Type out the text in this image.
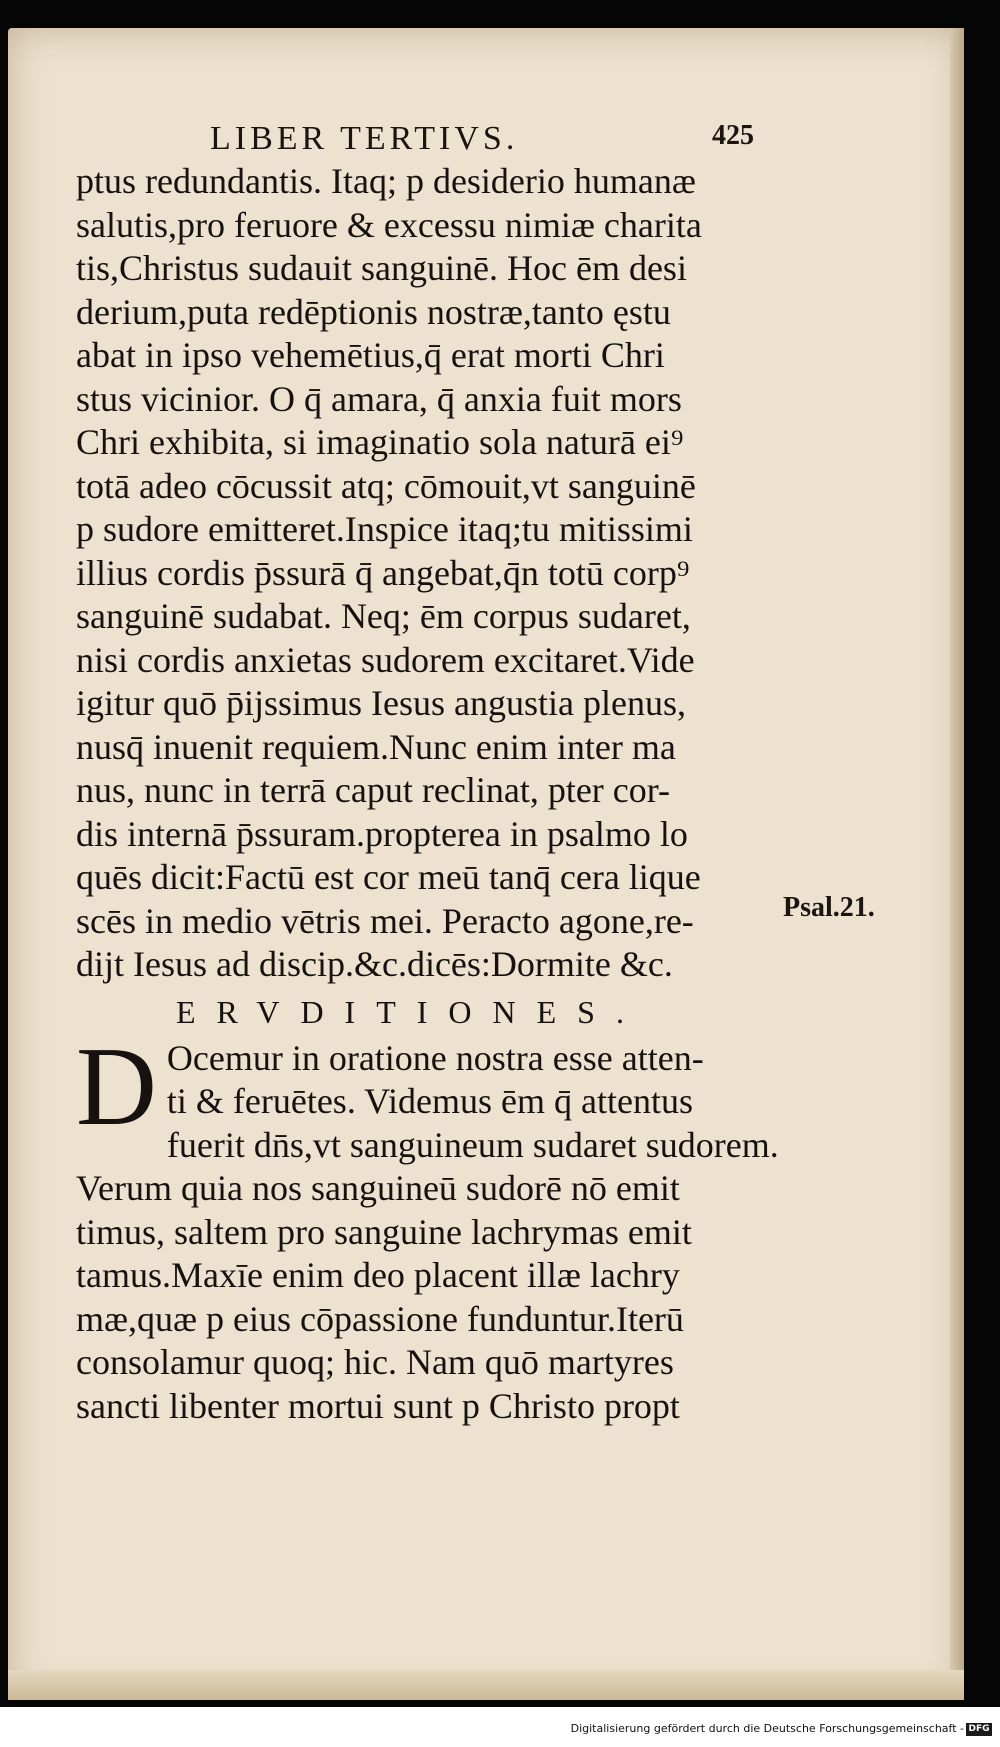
LIBER TERTIVS.	425
ptus redundantis. Itaq; p desiderio humanæ
salutis,pro feruore & excessu nimiæ charita
tis,Christus sudauit sanguinē. Hoc ēm desi
derium,puta redēptionis nostræ,tanto ęstu
abat in ipso vehemētius,q̄ erat morti Chri
stus vicinior. O q̄ amara, q̄ anxia fuit mors
Chri exhibita, si imaginatio sola naturā ei⁹
totā adeo cōcussit atq; cōmouit,vt sanguinē
p sudore emitteret.Inspice itaq;tu mitissimi
illius cordis p̄ssurā q̄ angebat,q̄n totū corp⁹
sanguinē sudabat. Neq; ēm corpus sudaret,
nisi cordis anxietas sudorem excitaret.Vide
igitur quō p̄ijssimus Iesus angustia plenus,
nusq̄ inuenit requiem.Nunc enim inter ma
nus, nunc in terrā caput reclinat, pter cor-
dis internā p̄ssuram.propterea in psalmo lo
quēs dicit:Factū est cor meū tanq̄ cera lique
scēs in medio vētris mei. Peracto agone,re-
dijt Iesus ad discip.&c.dicēs:Dormite &c.
ERVDITIONES.
D Ocemur in oratione nostra esse atten-
ti & feruētes. Videmus ēm q̄ attentus
fuerit dn̄s,vt sanguineum sudaret sudorem.
Verum quia nos sanguineū sudorē nō emit
timus, saltem pro sanguine lachrymas emit
tamus.Maxīe enim deo placent illæ lachry
mæ,quæ p eius cōpassione funduntur.Iterū
consolamur quoq; hic. Nam quō martyres
sancti libenter mortui sunt p Christo propt
Psal.21.
Digitalisierung gefördert durch die Deutsche Forschungsgemeinschaft - DFG
